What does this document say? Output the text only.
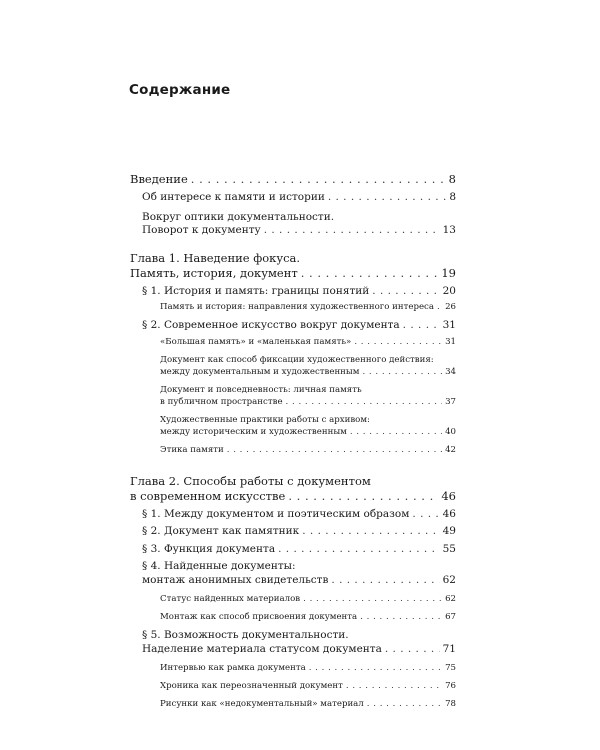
Содержание
Введение . . .	8
Об интересе к памяти и истории . . .	8
Вокруг оптики документальности.
Поворот к документу . . .	13
Глава 1. Наведение фокуса.
Память, история, документ . . .	19
§ 1. История и память: границы понятий . . .	20
Память и история: направления художественного интереса . . . 26
§ 2. Современное искусство вокруг документа . . .	31
«Большая память» и «маленькая память» . . .	31
Документ как способ фиксации художественного действия:
между документальным и художественным . . .	34
Документ и повседневность: личная память
в публичном пространстве . . .	37
Художественные практики работы с архивом:
между историческим и художественным . . .	40
Этика памяти . . .	42
Глава 2. Способы работы с документом
в современном искусстве . . .	46
§ 1. Между документом и поэтическим образом . . .	46
§ 2. Документ как памятник . . .	49
§ 3. Функция документа . . .	55
§ 4. Найденные документы:
монтаж анонимных свидетельств . . .	62
Статус найденных материалов . . .	62
Монтаж как способ присвоения документа . . .	67
§ 5. Возможность документальности.
Наделение материала статусом документа . . .	71
Интервью как рамка документа . . .	75
Хроника как переозначенный документ . . .	76
Рисунки как «недокументальный» материал . . .	78
